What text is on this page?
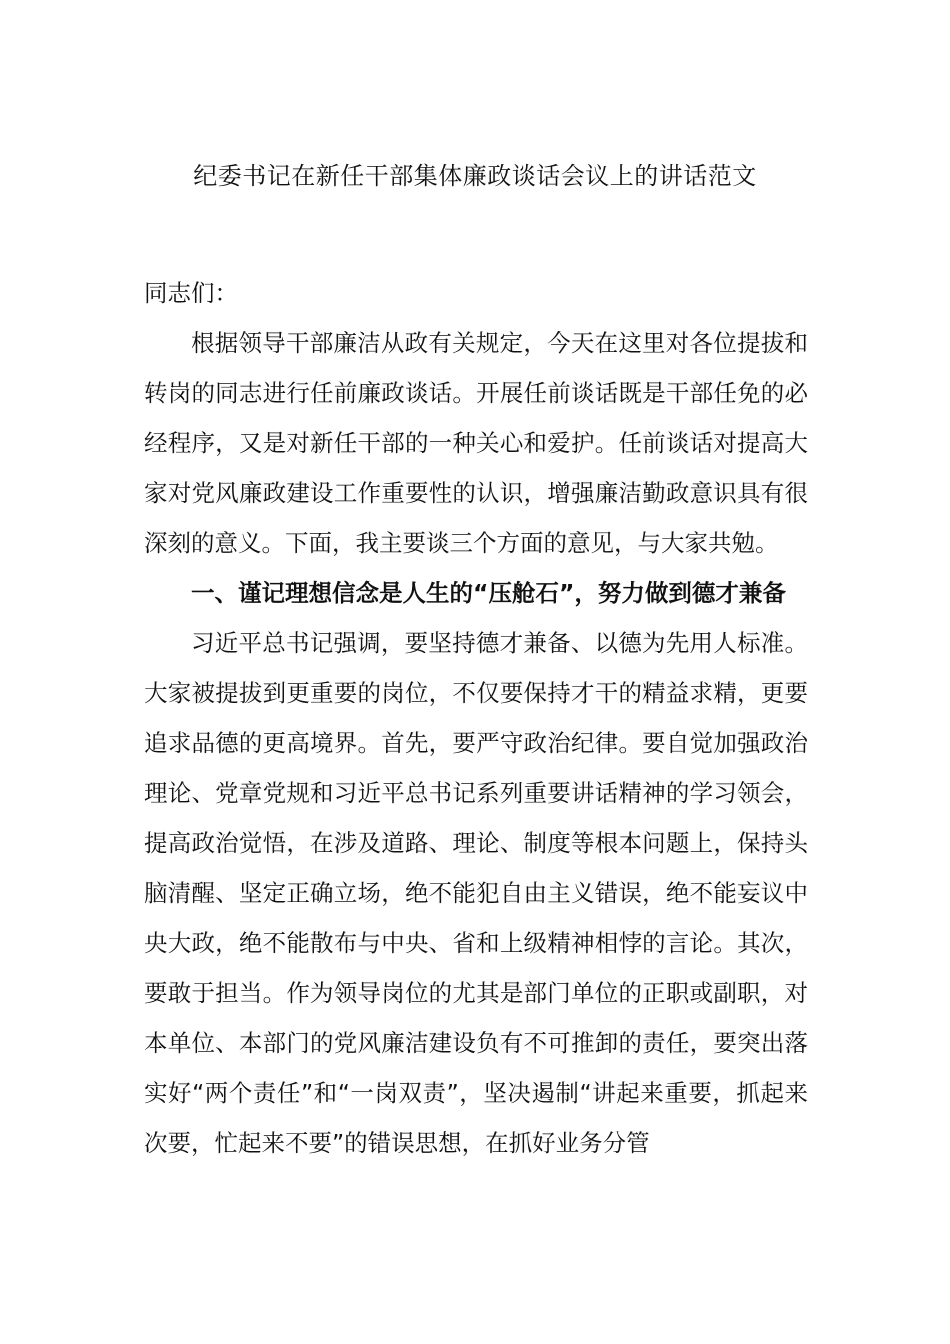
纪委书记在新任干部集体廉政谈话会议上的讲话范文

同志们：

根据领导干部廉洁从政有关规定，今天在这里对各位提拔和转岗的同志进行任前廉政谈话。开展任前谈话既是干部任免的必经程序，又是对新任干部的一种关心和爱护。任前谈话对提高大家对党风廉政建设工作重要性的认识，增强廉洁勤政意识具有很深刻的意义。下面，我主要谈三个方面的意见，与大家共勉。

一、谨记理想信念是人生的“压舱石”，努力做到德才兼备

习近平总书记强调，要坚持德才兼备、以德为先用人标准。大家被提拔到更重要的岗位，不仅要保持才干的精益求精，更要追求品德的更高境界。首先，要严守政治纪律。要自觉加强政治理论、党章党规和习近平总书记系列重要讲话精神的学习领会，提高政治觉悟，在涉及道路、理论、制度等根本问题上，保持头脑清醒、坚定正确立场，绝不能犯自由主义错误，绝不能妄议中央大政，绝不能散布与中央、省和上级精神相悖的言论。其次，要敢于担当。作为领导岗位的尤其是部门单位的正职或副职，对本单位、本部门的党风廉洁建设负有不可推卸的责任，要突出落实好“两个责任”和“一岗双责”，坚决遏制“讲起来重要，抓起来次要，忙起来不要”的错误思想，在抓好业务分管
